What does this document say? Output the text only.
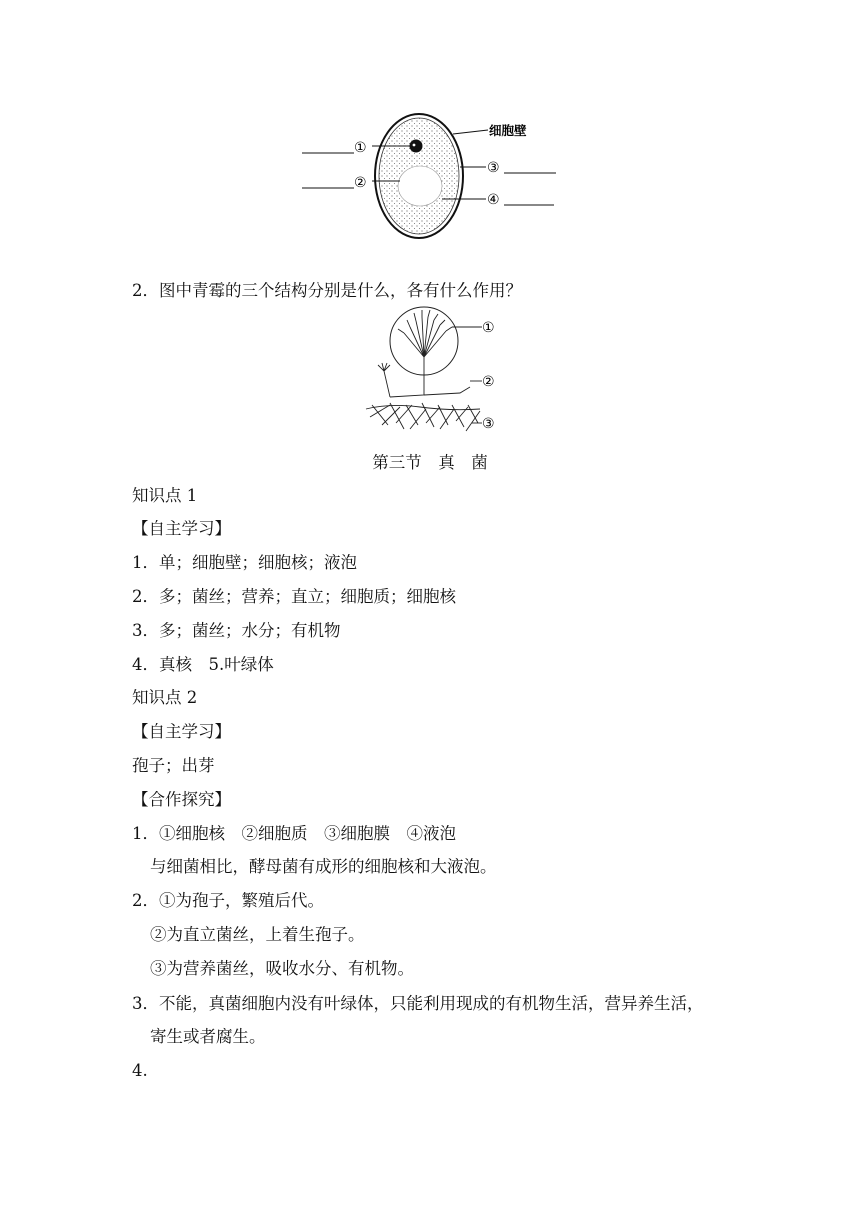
①
②
③
④
细胞壁
2．图中青霉的三个结构分别是什么，各有什么作用？
①
②
③
第三节　真　菌
知识点 1
【自主学习】
1．单；细胞壁；细胞核；液泡
2．多；菌丝；营养；直立；细胞质；细胞核
3．多；菌丝；水分；有机物
4．真核　5.叶绿体
知识点 2
【自主学习】
孢子；出芽
【合作探究】
1．①细胞核　②细胞质　③细胞膜　④液泡
与细菌相比，酵母菌有成形的细胞核和大液泡。
2．①为孢子，繁殖后代。
②为直立菌丝，上着生孢子。
③为营养菌丝，吸收水分、有机物。
3．不能，真菌细胞内没有叶绿体，只能利用现成的有机物生活，营异养生活，
寄生或者腐生。
4.
